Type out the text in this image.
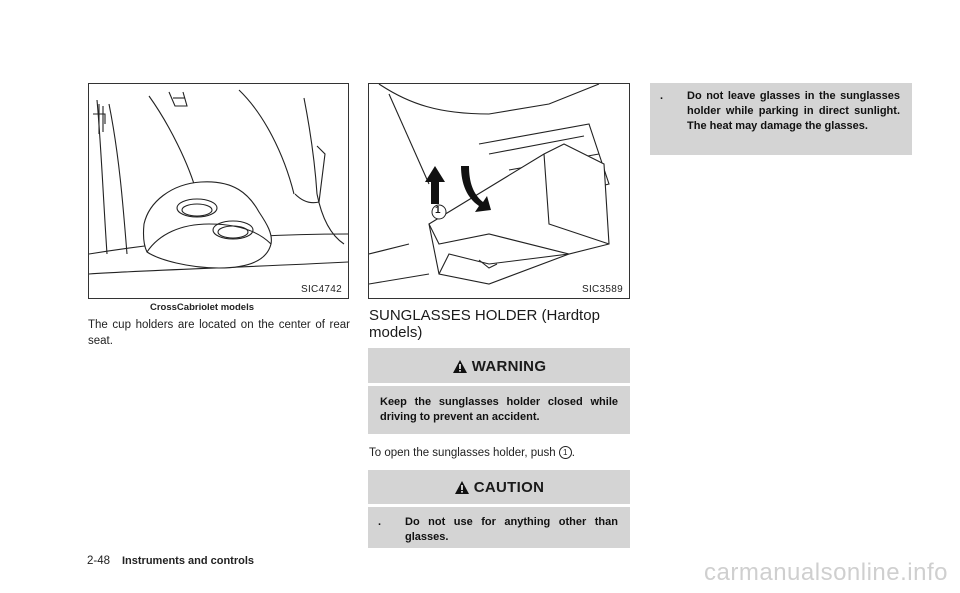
SIC4742
CrossCabriolet models

The cup holders are located on the center of rear seat.

1
SIC3589
SUNGLASSES HOLDER (Hardtop models)
WARNING

Keep the sunglasses holder closed while driving to prevent an accident.

To open the sunglasses holder, push 1 .

CAUTION
. Do not use for anything other than glasses.
. Do not leave glasses in the sunglasses holder while parking in direct sunlight. The heat may damage the glasses.
2-48 Instruments and controls	carmanualsonline.info
